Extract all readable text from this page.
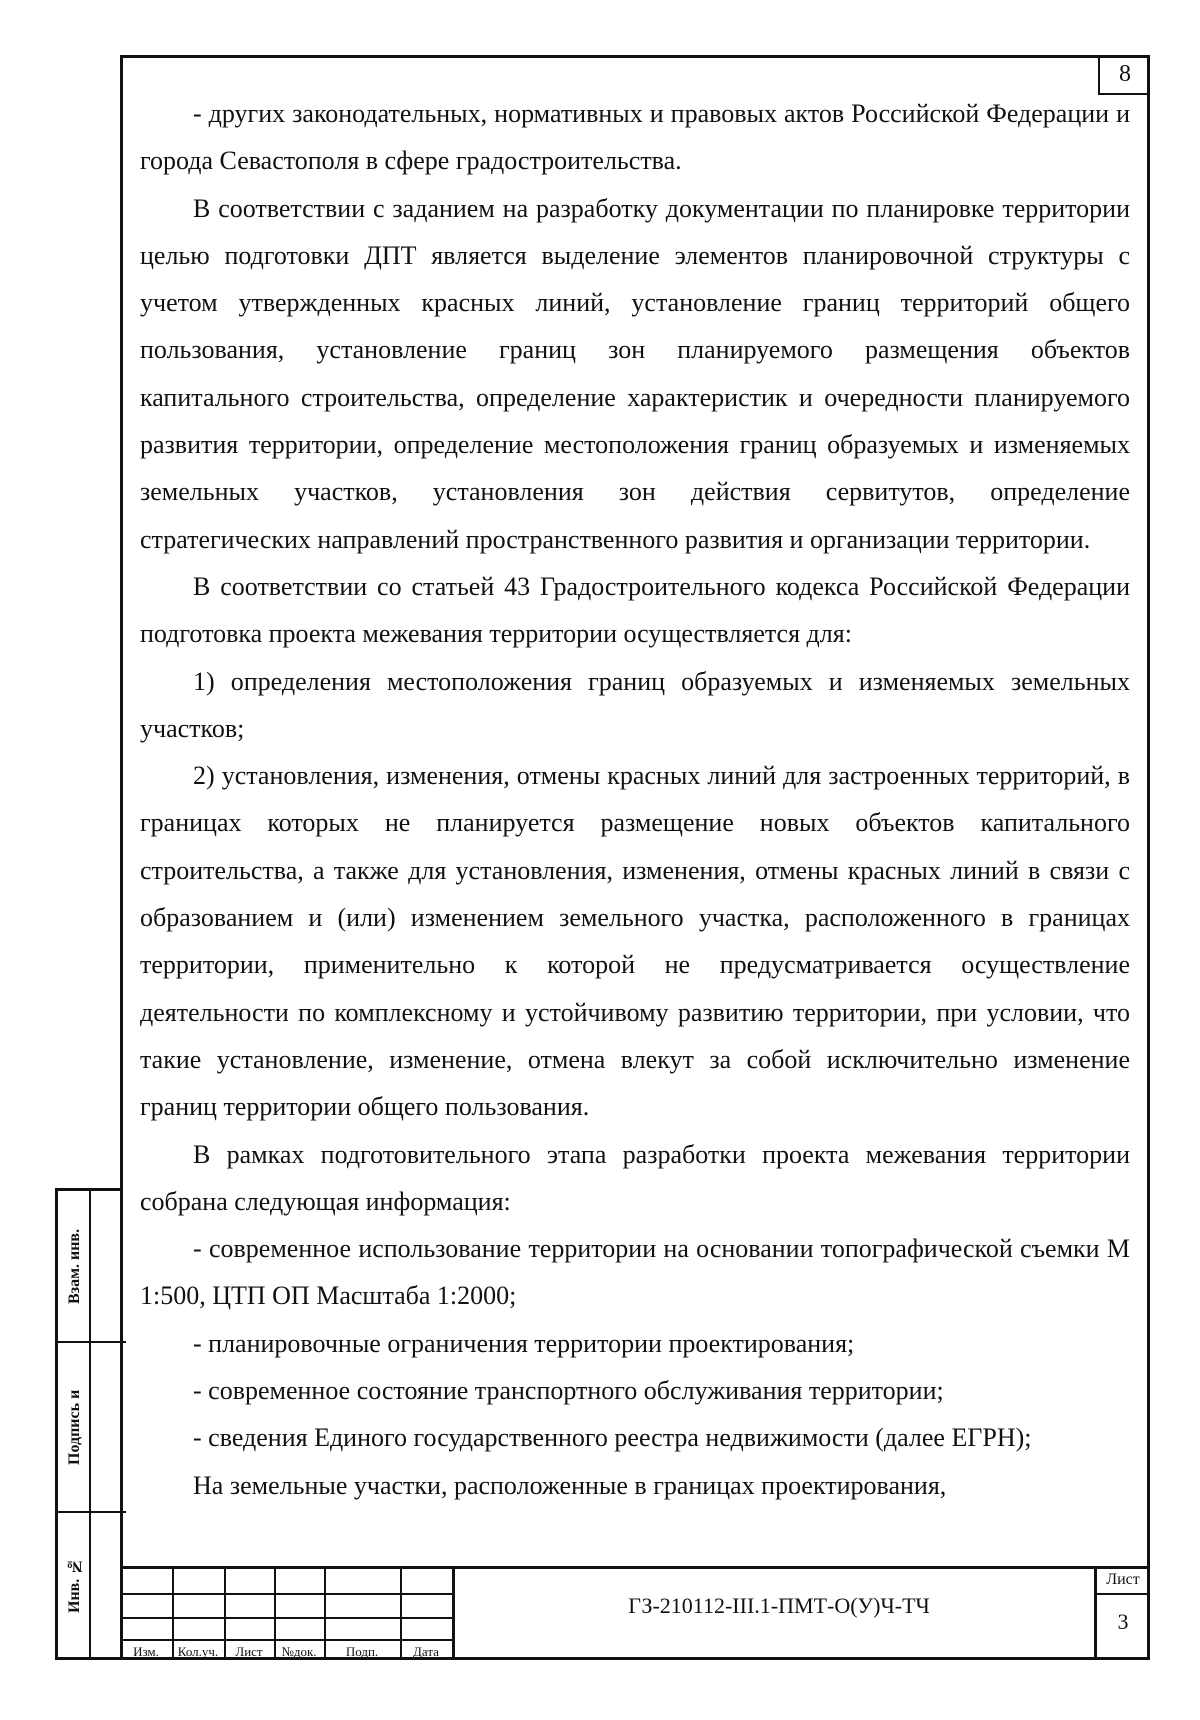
8

- других законодательных, нормативных и правовых актов Российской Федерации и города Севастополя в сфере градостроительства.

В соответствии с заданием на разработку документации по планировке территории целью подготовки ДПТ является выделение элементов планировочной структуры с учетом утвержденных красных линий, установление границ территорий общего пользования, установление границ зон планируемого размещения объектов капитального строительства, определение характеристик и очередности планируемого развития территории, определение местоположения границ образуемых и изменяемых земельных участков, установления зон действия сервитутов, определение стратегических направлений пространственного развития и организации территории.

В соответствии со статьей 43 Градостроительного кодекса Российской Федерации подготовка проекта межевания территории осуществляется для:

1) определения местоположения границ образуемых и изменяемых земельных участков;

2) установления, изменения, отмены красных линий для застроенных территорий, в границах которых не планируется размещение новых объектов капитального строительства, а также для установления, изменения, отмены красных линий в связи с образованием и (или) изменением земельного участка, расположенного в границах территории, применительно к которой не предусматривается осуществление деятельности по комплексному и устойчивому развитию территории, при условии, что такие установление, изменение, отмена влекут за собой исключительно изменение границ территории общего пользования.

В рамках подготовительного этапа разработки проекта межевания территории собрана следующая информация:

- современное использование территории на основании топографической съемки М 1:500, ЦТП ОП Масштаба 1:2000;

- планировочные ограничения территории проектирования;

- современное состояние транспортного обслуживания территории;

- сведения Единого государственного реестра недвижимости (далее ЕГРН);

На земельные участки, расположенные в границах проектирования,

Взам. инв.
Подпись и
Инв. №
Изм.	Кол.уч.	Лист	№док.	Подп.	Дата
ГЗ-210112-III.1-ПМТ-О(У)Ч-ТЧ
Лист
3
